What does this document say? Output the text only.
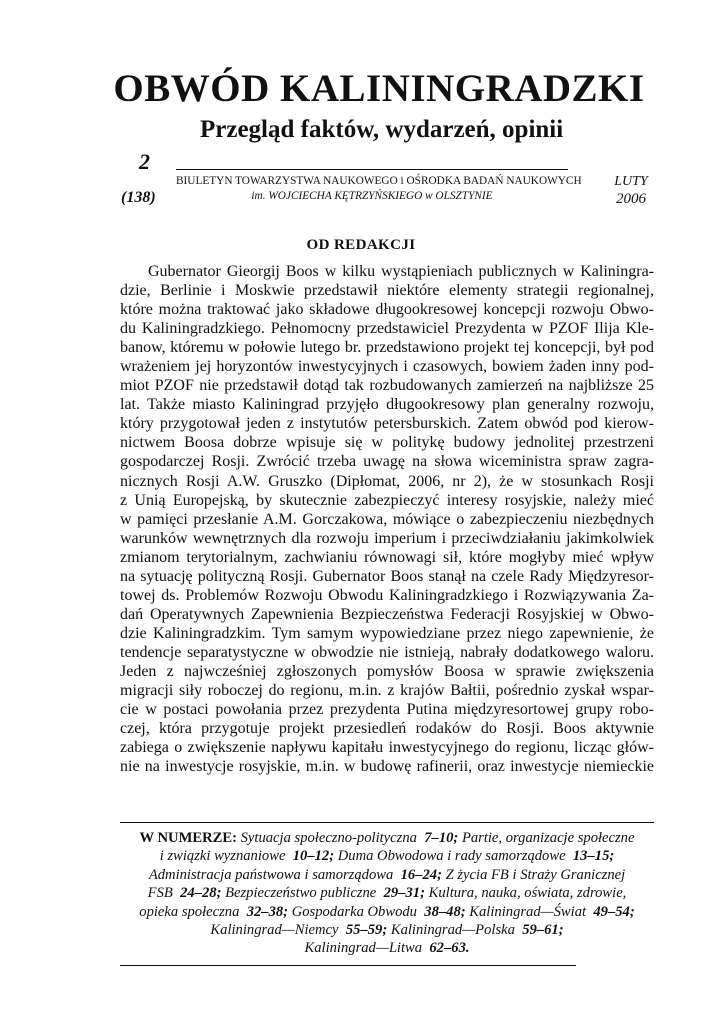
OBWÓD KALININGRADZKI
Przegląd faktów, wydarzeń, opinii
2
(138)
BIULETYN TOWARZYSTWA NAUKOWEGO i OŚRODKA BADAŃ NAUKOWYCH
im. WOJCIECHA KĘTRZYŃSKIEGO w OLSZTYNIE
LUTY
2006
OD REDAKCJI
Gubernator Gieorgij Boos w kilku wystąpieniach publicznych w Kaliningra-
dzie, Berlinie i Moskwie przedstawił niektóre elementy strategii regionalnej,
które można traktować jako składowe długookresowej koncepcji rozwoju Obwo-
du Kaliningradzkiego. Pełnomocny przedstawiciel Prezydenta w PZOF Ilija Kle-
banow, któremu w połowie lutego br. przedstawiono projekt tej koncepcji, był pod
wrażeniem jej horyzontów inwestycyjnych i czasowych, bowiem żaden inny pod-
miot PZOF nie przedstawił dotąd tak rozbudowanych zamierzeń na najbliższe 25
lat. Także miasto Kaliningrad przyjęło długookresowy plan generalny rozwoju,
który przygotował jeden z instytutów petersburskich. Zatem obwód pod kierow-
nictwem Boosa dobrze wpisuje się w politykę budowy jednolitej przestrzeni
gospodarczej Rosji. Zwrócić trzeba uwagę na słowa wiceministra spraw zagra-
nicznych Rosji A.W. Gruszko (Dipłomat, 2006, nr 2), że w stosunkach Rosji
z Unią Europejską, by skutecznie zabezpieczyć interesy rosyjskie, należy mieć
w pamięci przesłanie A.M. Gorczakowa, mówiące o zabezpieczeniu niezbędnych
warunków wewnętrznych dla rozwoju imperium i przeciwdziałaniu jakimkolwiek
zmianom terytorialnym, zachwianiu równowagi sił, które mogłyby mieć wpływ
na sytuację polityczną Rosji. Gubernator Boos stanął na czele Rady Międzyresor-
towej ds. Problemów Rozwoju Obwodu Kaliningradzkiego i Rozwiązywania Za-
dań Operatywnych Zapewnienia Bezpieczeństwa Federacji Rosyjskiej w Obwo-
dzie Kaliningradzkim. Tym samym wypowiedziane przez niego zapewnienie, że
tendencje separatystyczne w obwodzie nie istnieją, nabrały dodatkowego waloru.
Jeden z najwcześniej zgłoszonych pomysłów Boosa w sprawie zwiększenia
migracji siły roboczej do regionu, m.in. z krajów Bałtii, pośrednio zyskał wspar-
cie w postaci powołania przez prezydenta Putina międzyresortowej grupy robo-
czej, która przygotuje projekt przesiedleń rodaków do Rosji. Boos aktywnie
zabiega o zwiększenie napływu kapitału inwestycyjnego do regionu, licząc głów-
nie na inwestycje rosyjskie, m.in. w budowę rafinerii, oraz inwestycje niemieckie
W NUMERZE: Sytuacja społeczno-polityczna 7–10; Partie, organizacje społeczne
i związki wyznaniowe 10–12; Duma Obwodowa i rady samorządowe 13–15;
Administracja państwowa i samorządowa 16–24; Z życia FB i Straży Granicznej
FSB 24–28; Bezpieczeństwo publiczne 29–31; Kultura, nauka, oświata, zdrowie,
opieka społeczna 32–38; Gospodarka Obwodu 38–48; Kaliningrad—Świat 49–54;
Kaliningrad—Niemcy 55–59; Kaliningrad—Polska 59–61;
Kaliningrad—Litwa 62–63.
